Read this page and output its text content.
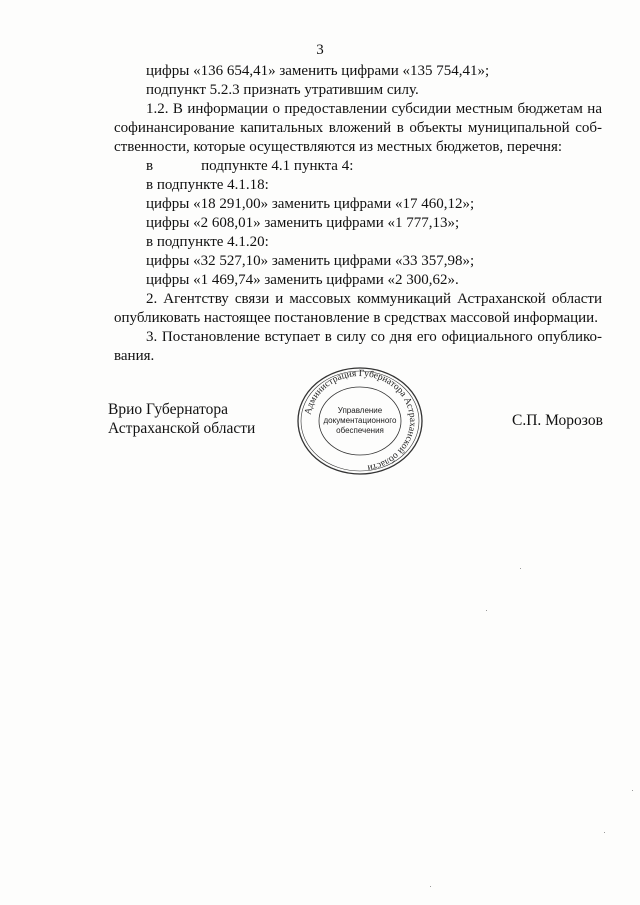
3
цифры «136 654,41» заменить цифрами «135 754,41»;
подпункт 5.2.3 признать утратившим силу.
1.2. В информации о предоставлении субсидии местным бюджетам на
софинансирование капитальных вложений в объекты муниципальной соб-
ственности, которые осуществляются из местных бюджетов, перечня:
в	подпункте 4.1 пункта 4:
в подпункте 4.1.18:
цифры «18 291,00» заменить цифрами «17 460,12»;
цифры «2 608,01» заменить цифрами «1 777,13»;
в подпункте 4.1.20:
цифры «32 527,10» заменить цифрами «33 357,98»;
цифры «1 469,74» заменить цифрами «2 300,62».
2. Агентству связи и массовых коммуникаций Астраханской области
опубликовать настоящее постановление в средствах массовой информации.
3. Постановление вступает в силу со дня его официального опублико-
вания.
Врио Губернатора
Астраханской области
Администрация Губернатора Астраханской области
Управление
документационного
обеспечения
С.П. Морозов
